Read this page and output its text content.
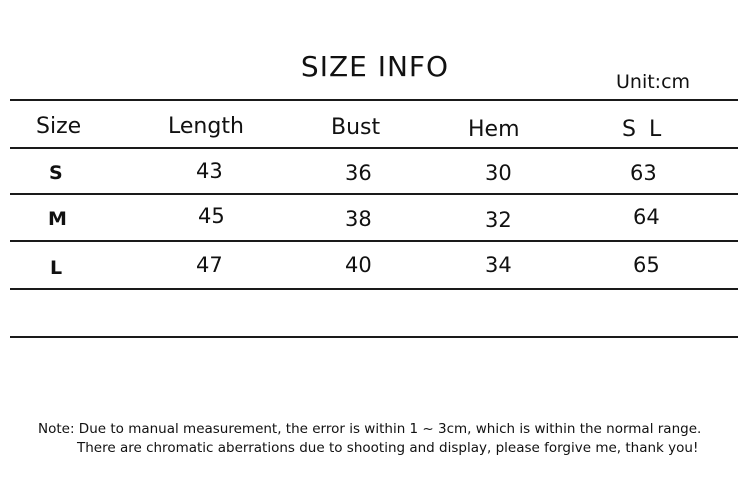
SIZE INFO	Unit:cm
Size	Length	Bust	Hem	S L
S	43	36	30	63
M	45	38	32	64
L	47	40	34	65
Note: Due to manual measurement, the error is within 1 ~ 3cm, which is within the normal range.
There are chromatic aberrations due to shooting and display, please forgive me, thank you!
